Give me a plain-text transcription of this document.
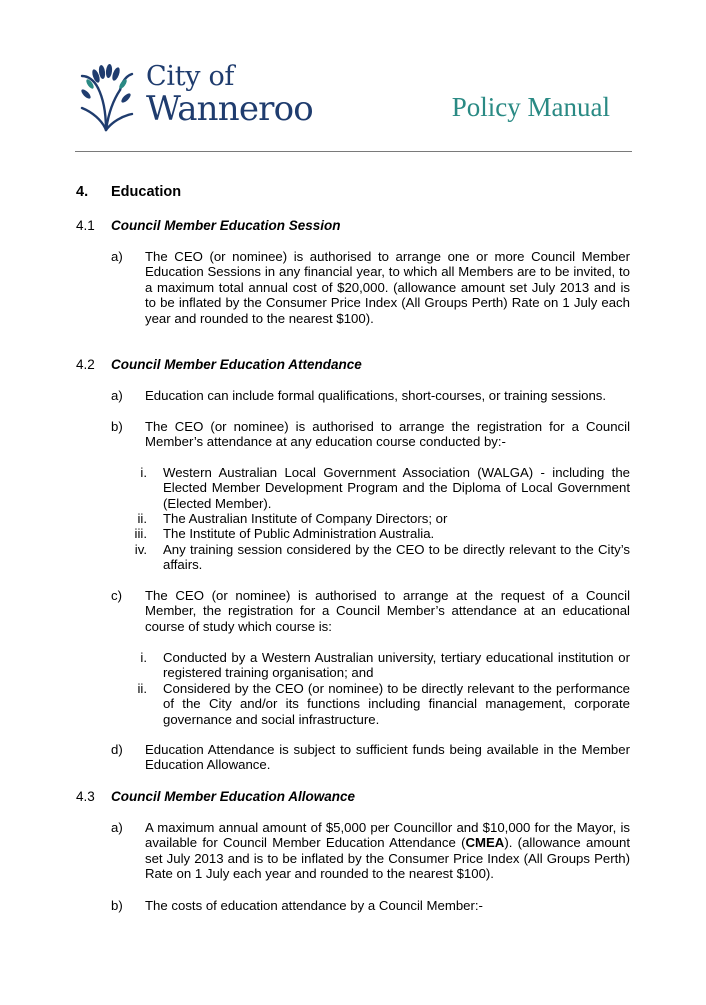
City of
Wanneroo	Policy Manual
4. Education
4.1 Council Member Education Session
a) The CEO (or nominee) is authorised to arrange one or more Council Member Education Sessions in any financial year, to which all Members are to be invited, to a maximum total annual cost of $20,000. (allowance amount set July 2013 and is to be inflated by the Consumer Price Index (All Groups Perth) Rate on 1 July each year and rounded to the nearest $100).
4.2 Council Member Education Attendance
a) Education can include formal qualifications, short-courses, or training sessions.
b) The CEO (or nominee) is authorised to arrange the registration for a Council Member’s attendance at any education course conducted by:-
i. Western Australian Local Government Association (WALGA) - including the Elected Member Development Program and the Diploma of Local Government (Elected Member).
ii. The Australian Institute of Company Directors; or
iii. The Institute of Public Administration Australia.
iv. Any training session considered by the CEO to be directly relevant to the City’s affairs.
c) The CEO (or nominee) is authorised to arrange at the request of a Council Member, the registration for a Council Member’s attendance at an educational course of study which course is:
i. Conducted by a Western Australian university, tertiary educational institution or registered training organisation; and
ii. Considered by the CEO (or nominee) to be directly relevant to the performance of the City and/or its functions including financial management, corporate governance and social infrastructure.
d) Education Attendance is subject to sufficient funds being available in the Member Education Allowance.
4.3 Council Member Education Allowance
a) A maximum annual amount of $5,000 per Councillor and $10,000 for the Mayor, is available for Council Member Education Attendance (CMEA). (allowance amount set July 2013 and is to be inflated by the Consumer Price Index (All Groups Perth) Rate on 1 July each year and rounded to the nearest $100).
b) The costs of education attendance by a Council Member:-
